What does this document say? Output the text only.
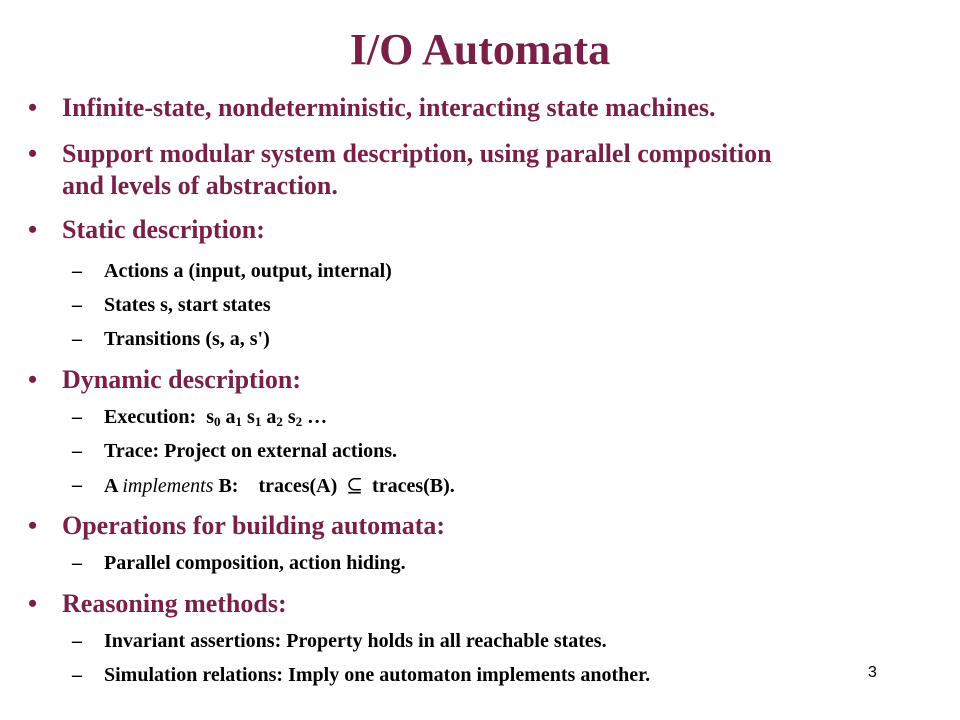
I/O Automata
• Infinite-state, nondeterministic, interacting state machines.
• Support modular system description, using parallel composition
and levels of abstraction.
• Static description:
– Actions a (input, output, internal)
– States s, start states
– Transitions (s, a, s')
• Dynamic description:
– Execution: $s_0$ $a_1$ $s_1$ $a_2$ $s_2$ …
– Trace: Project on external actions.
– A implements B:    traces(A) ⊆ traces(B).
• Operations for building automata:
– Parallel composition, action hiding.
• Reasoning methods:
– Invariant assertions: Property holds in all reachable states.
– Simulation relations: Imply one automaton implements another.	3
